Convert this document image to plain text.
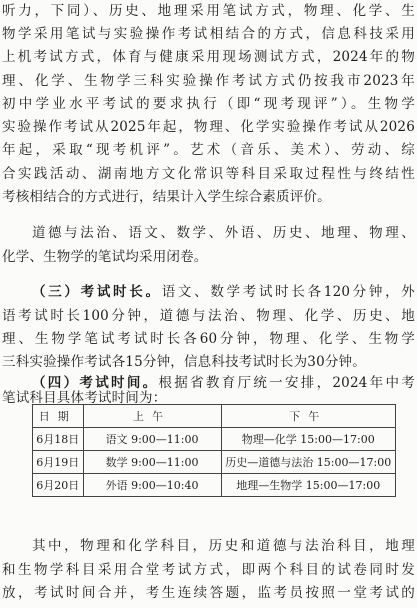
听力，下同）、历史、地理采用笔试方式，物理、化学、生
物学采用笔试与实验操作考试相结合的方式，信息科技采用
上机考试方式，体育与健康采用现场测试方式，2024年的物
理、化学、生物学三科实验操作考试方式仍按我市2023年
初中学业水平考试的要求执行（即“现考现评”）。生物学
实验操作考试从2025年起，物理、化学实验操作考试从2026
年起，采取“现考机评”。艺术（音乐、美术）、劳动、综
合实践活动、湖南地方文化常识等科目采取过程性与终结性
考核相结合的方式进行，结果计入学生综合素质评价。
道德与法治、语文、数学、外语、历史、地理、物理、
化学、生物学的笔试均采用闭卷。
（三）考试时长。语文、数学考试时长各120分钟，外
语考试时长100分钟，道德与法治、物理、化学、历史、地
理、生物学笔试考试时长各60分钟，物理、化学、生物学
三科实验操作考试各15分钟，信息科技考试时长为30分钟。
（四）考试时间。根据省教育厅统一安排，2024年中考
日期	上午	下午
6月18日	语文 9:00—11:00	物理—化学 15:00—17:00
6月19日	数学 9:00—11:00	历史—道德与法治 15:00—17:00
6月20日	外语 9:00—10:40	地理—生物学 15:00—17:00
其中，物理和化学科目，历史和道德与法治科目，地理
和生物学科目采用合堂考试方式，即两个科目的试卷同时发
放，考试时间合并，考生连续答题，监考员按照一堂考试的
笔试科目具体考试时间为：
